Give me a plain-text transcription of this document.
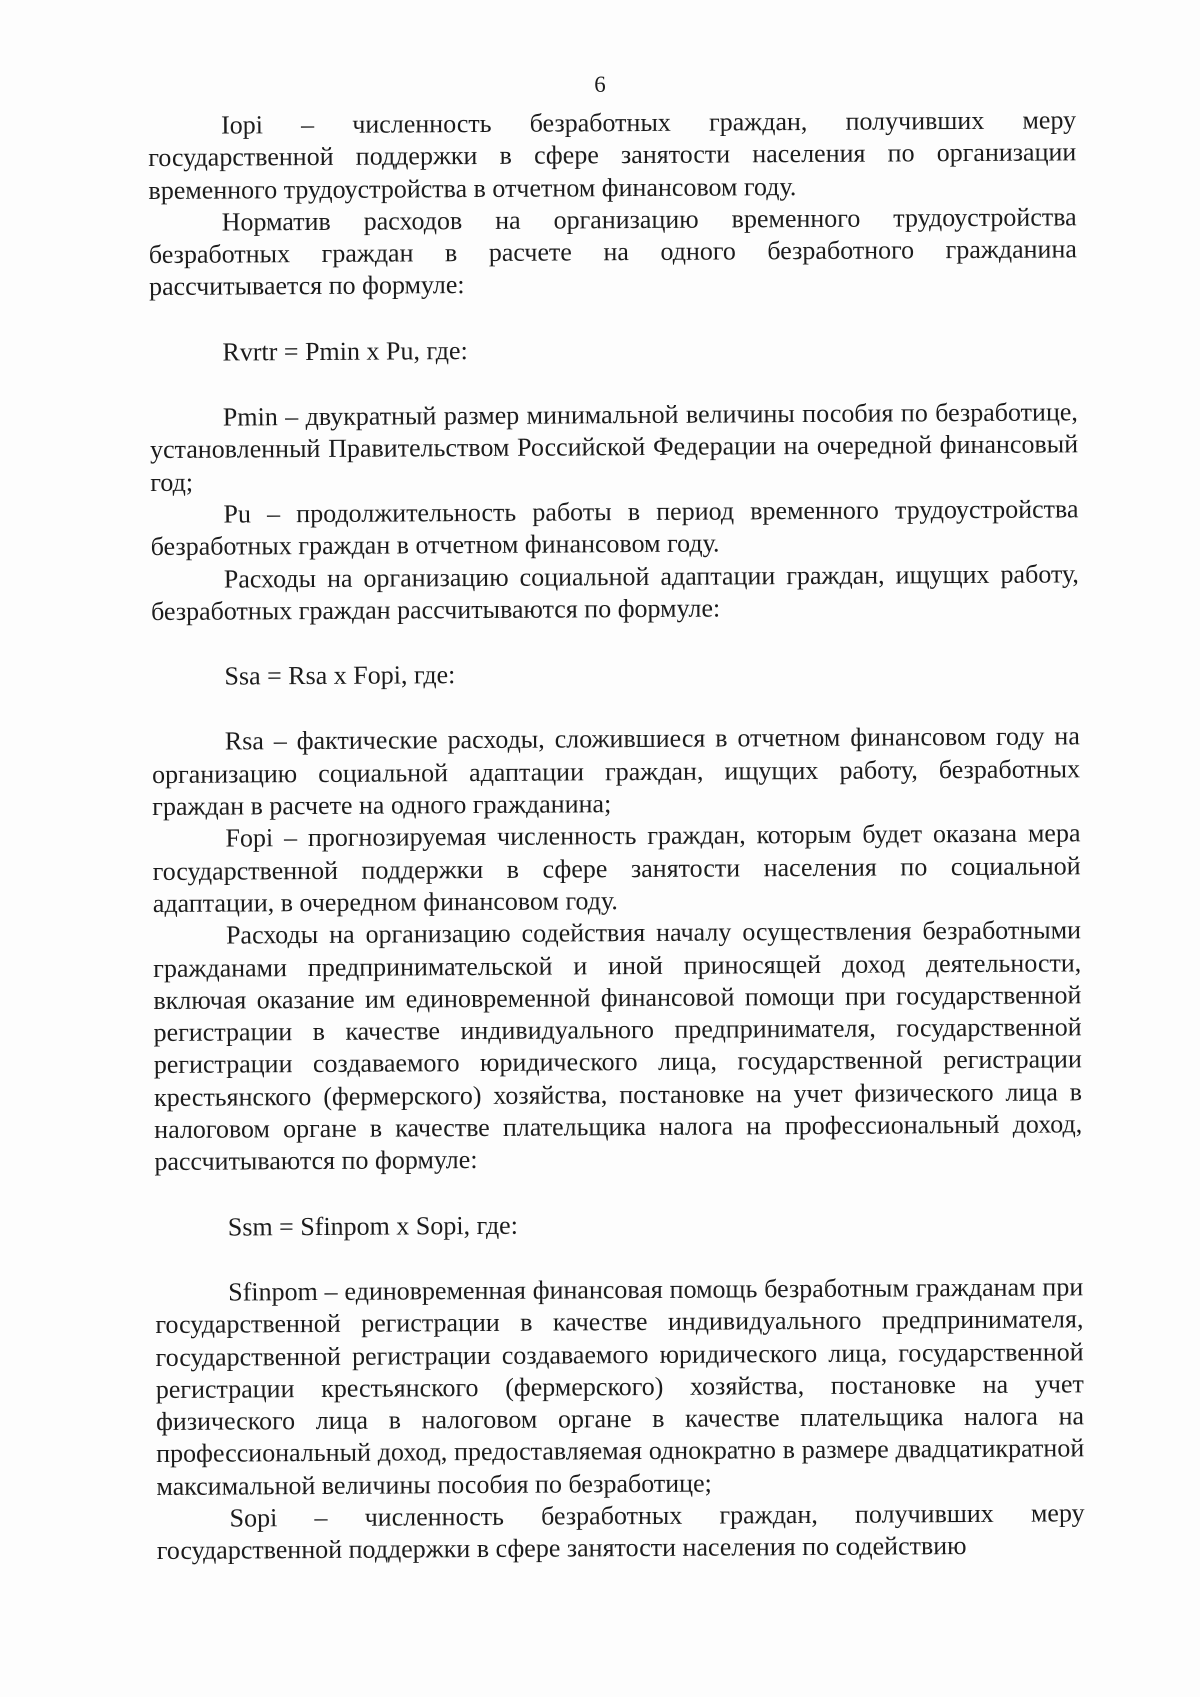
6

Iopi – численность безработных граждан, получивших меру государственной поддержки в сфере занятости населения по организации временного трудоустройства в отчетном финансовом году.

Норматив расходов на организацию временного трудоустройства безработных граждан в расчете на одного безработного гражданина рассчитывается по формуле:

Rvrtr = Pmin x Pu, где:

Pmin – двукратный размер минимальной величины пособия по безработице, установленный Правительством Российской Федерации на очередной финансовый год;

Pu – продолжительность работы в период временного трудоустройства безработных граждан в отчетном финансовом году.

Расходы на организацию социальной адаптации граждан, ищущих работу, безработных граждан рассчитываются по формуле:

Ssa = Rsa x Fopi, где:

Rsa – фактические расходы, сложившиеся в отчетном финансовом году на организацию социальной адаптации граждан, ищущих работу, безработных граждан в расчете на одного гражданина;

Fopi – прогнозируемая численность граждан, которым будет оказана мера государственной поддержки в сфере занятости населения по социальной адаптации, в очередном финансовом году.

Расходы на организацию содействия началу осуществления безработными гражданами предпринимательской и иной приносящей доход деятельности, включая оказание им единовременной финансовой помощи при государственной регистрации в качестве индивидуального предпринимателя, государственной регистрации создаваемого юридического лица, государственной регистрации крестьянского (фермерского) хозяйства, постановке на учет физического лица в налоговом органе в качестве плательщика налога на профессиональный доход, рассчитываются по формуле:

Ssm = Sfinpom x Sopi, где:

Sfinpom – единовременная финансовая помощь безработным гражданам при государственной регистрации в качестве индивидуального предпринимателя, государственной регистрации создаваемого юридического лица, государственной регистрации крестьянского (фермерского) хозяйства, постановке на учет физического лица в налоговом органе в качестве плательщика налога на профессиональный доход, предоставляемая однократно в размере двадцатикратной максимальной величины пособия по безработице;

Sopi – численность безработных граждан, получивших меру государственной поддержки в сфере занятости населения по содействию
